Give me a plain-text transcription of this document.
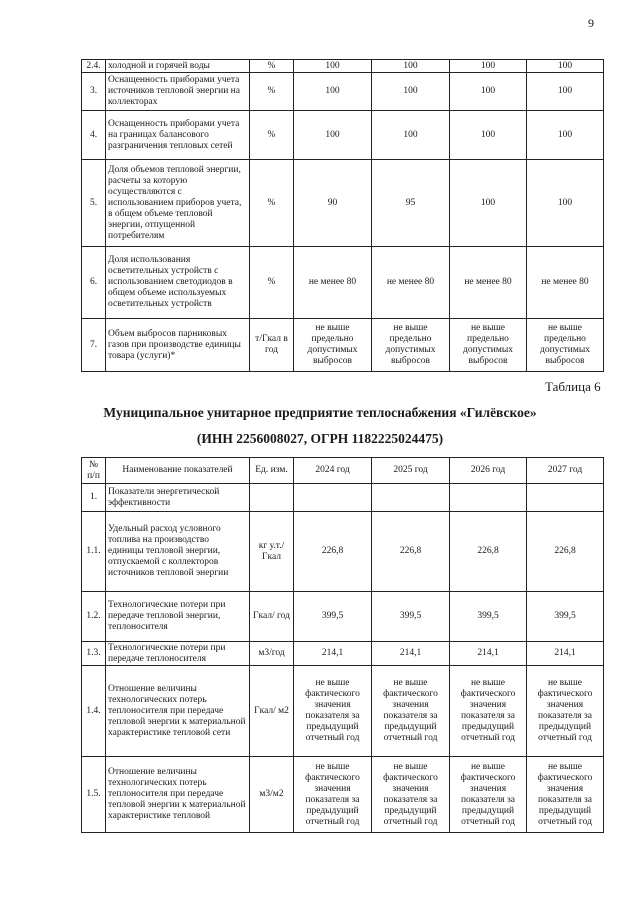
9
2.4.	холодной и горячей воды	%	100	100	100	100
3.	Оснащенность приборами учета источников тепловой энергии на коллекторах	%	100	100	100	100
4.	Оснащенность приборами учета на границах балансового разграничения тепловых сетей	%	100	100	100	100
5.	Доля объемов тепловой энергии, расчеты за которую осуществляются с использованием приборов учета, в общем объеме тепловой энергии, отпущенной потребителям	%	90	95	100	100
6.	Доля использования осветительных устройств с использованием светодиодов в общем объеме используемых осветительных устройств	%	не менее 80	не менее 80	не менее 80	не менее 80
7.	Объем выбросов парниковых газов при производстве единицы товара (услуги)*	т/Гкал в год	не выше предельно допустимых выбросов	не выше предельно допустимых выбросов	не выше предельно допустимых выбросов	не выше предельно допустимых выбросов
Таблица 6
Муниципальное унитарное предприятие теплоснабжения «Гилёвское»
(ИНН 2256008027, ОГРН 1182225024475)
№ п/п	Наименование показателей	Ед. изм.	2024 год	2025 год	2026 год	2027 год
1.	Показатели энергетической эффективности					
1.1.	Удельный расход условного топлива на производство единицы тепловой энергии, отпускаемой с коллекторов источников тепловой энергии	кг у.т./ Гкал	226,8	226,8	226,8	226,8
1.2.	Технологические потери при передаче тепловой энергии, теплоносителя	Гкал/ год	399,5	399,5	399,5	399,5
1.3.	Технологические потери при передаче теплоносителя	м3/год	214,1	214,1	214,1	214,1
1.4.	Отношение величины технологических потерь теплоносителя при передаче тепловой энергии к материальной характеристике тепловой сети	Гкал/ м2	не выше фактического значения показателя за предыдущий отчетный год	не выше фактического значения показателя за предыдущий отчетный год	не выше фактического значения показателя за предыдущий отчетный год	не выше фактического значения показателя за предыдущий отчетный год
1.5.	Отношение величины технологических потерь теплоносителя при передаче тепловой энергии к материальной характеристике тепловой	м3/м2	не выше фактического значения показателя за предыдущий отчетный год	не выше фактического значения показателя за предыдущий отчетный год	не выше фактического значения показателя за предыдущий отчетный год	не выше фактического значения показателя за предыдущий отчетный год
